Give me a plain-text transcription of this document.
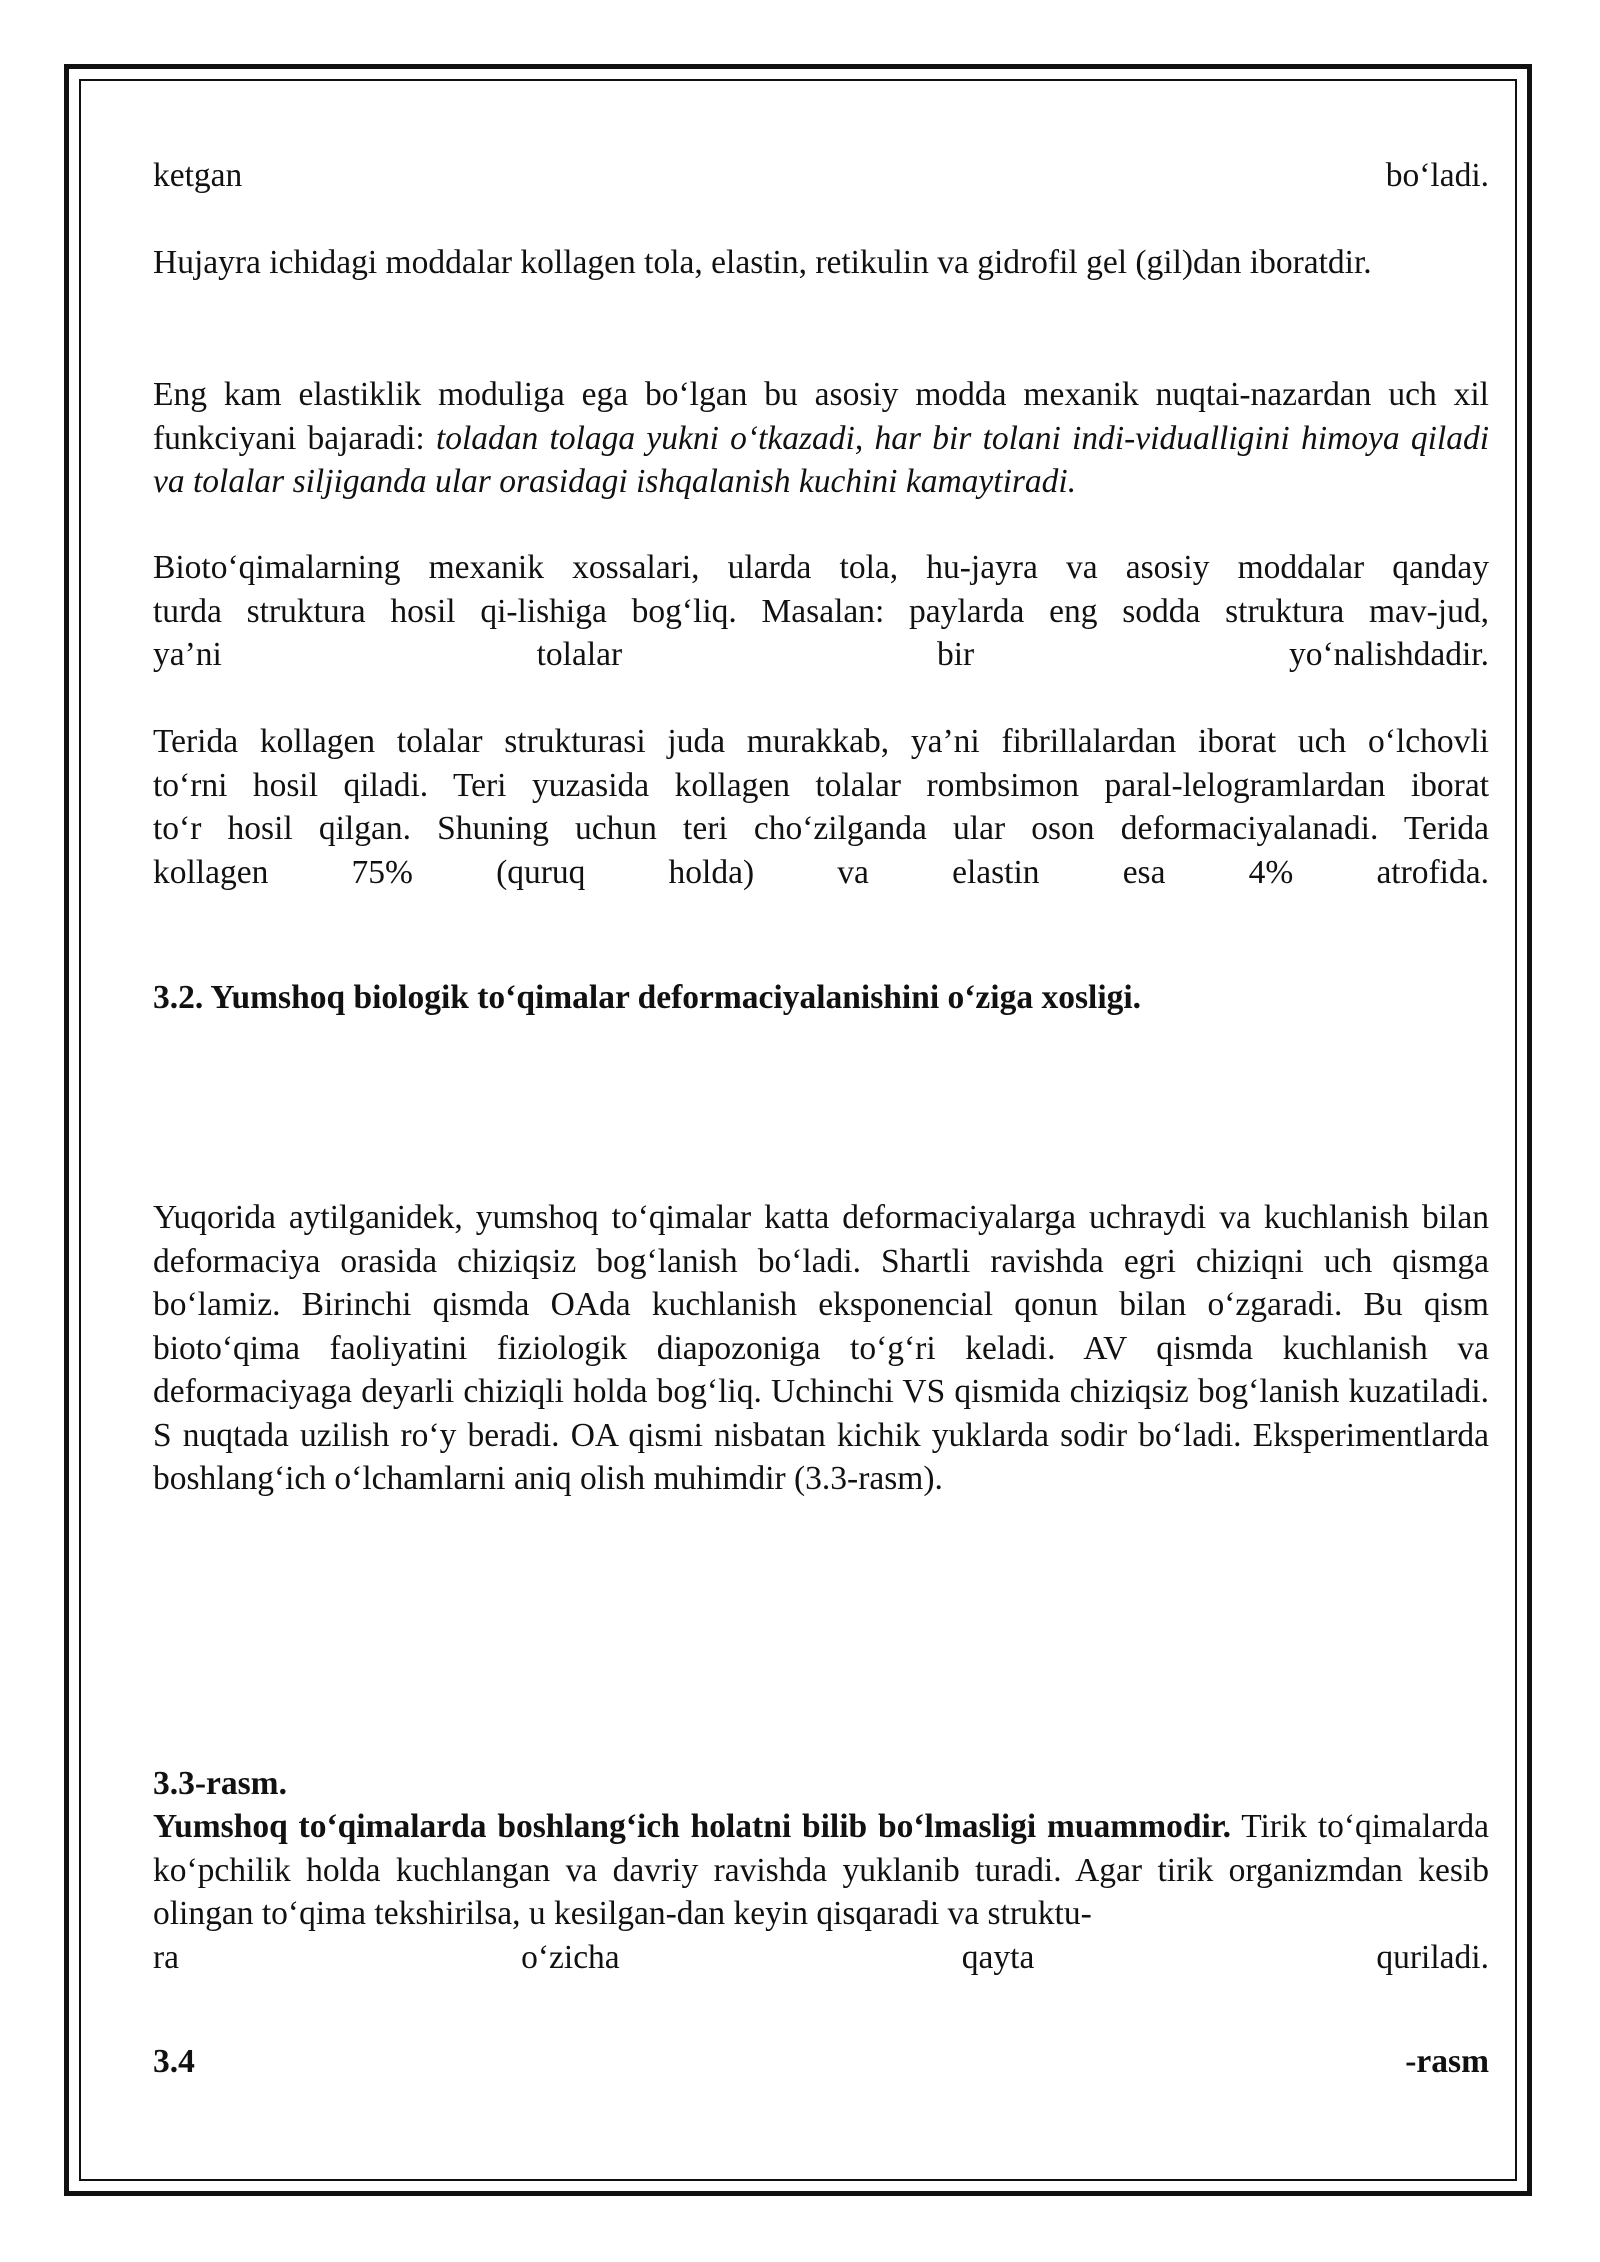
ketgan	bo‘ladi.

Hujayra ichidagi moddalar kollagen tola, elastin, retikulin va gidrofil gel (gil)dan iboratdir.

Eng kam elastiklik moduliga ega bo‘lgan bu asosiy modda mexanik nuqtai-nazardan uch xil funkciyani bajaradi: toladan tolaga yukni o‘tkazadi, har bir tolani indi-vidualligini himoya qiladi va tolalar siljiganda ular orasidagi ishqalanish kuchini kamaytiradi.

Bioto‘qimalarning mexanik xossalari, ularda tola, hu-jayra va asosiy moddalar qanday
turda struktura hosil qi-lishiga bog‘liq. Masalan: paylarda eng sodda struktura mav-jud,
ya’ni	tolalar	bir	yo‘nalishdadir.
Terida kollagen tolalar strukturasi juda murakkab, ya’ni fibrillalardan iborat uch o‘lchovli
to‘rni hosil qiladi. Teri yuzasida kollagen tolalar rombsimon paral-lelogramlardan iborat
to‘r hosil qilgan. Shuning uchun teri cho‘zilganda ular oson deformaciyalanadi. Terida
kollagen 75% (quruq holda) va elastin esa 4% atrofida.
3.2. Yumshoq biologik to‘qimalar deformaciyalanishini o‘ziga xosligi.

Yuqorida aytilganidek, yumshoq to‘qimalar katta deformaciyalarga uchraydi va kuchlanish bilan deformaciya orasida chiziqsiz bog‘lanish bo‘ladi. Shartli ravishda egri chiziqni uch qismga bo‘lamiz. Birinchi qismda OAda kuchlanish eksponencial qonun bilan o‘zgaradi. Bu qism bioto‘qima faoliyatini fiziologik diapozoniga to‘g‘ri keladi. AV qismda kuchlanish va deformaciyaga deyarli chiziqli holda bog‘liq. Uchinchi VS qismida chiziqsiz bog‘lanish kuzatiladi. S nuqtada uzilish ro‘y beradi. OA qismi nisbatan kichik yuklarda sodir bo‘ladi. Eksperimentlarda boshlang‘ich o‘lchamlarni aniq olish muhimdir (3.3-rasm).

3.3-rasm.
Yumshoq to‘qimalarda boshlang‘ich holatni bilib bo‘lmasligi muammodir. Tirik to‘qimalarda ko‘pchilik holda kuchlangan va davriy ravishda yuklanib turadi. Agar tirik organizmdan kesib olingan to‘qima tekshirilsa, u kesilgan-dan keyin qisqaradi va struktu-
ra	o‘zicha	qayta	quriladi.
3.4	-rasm
